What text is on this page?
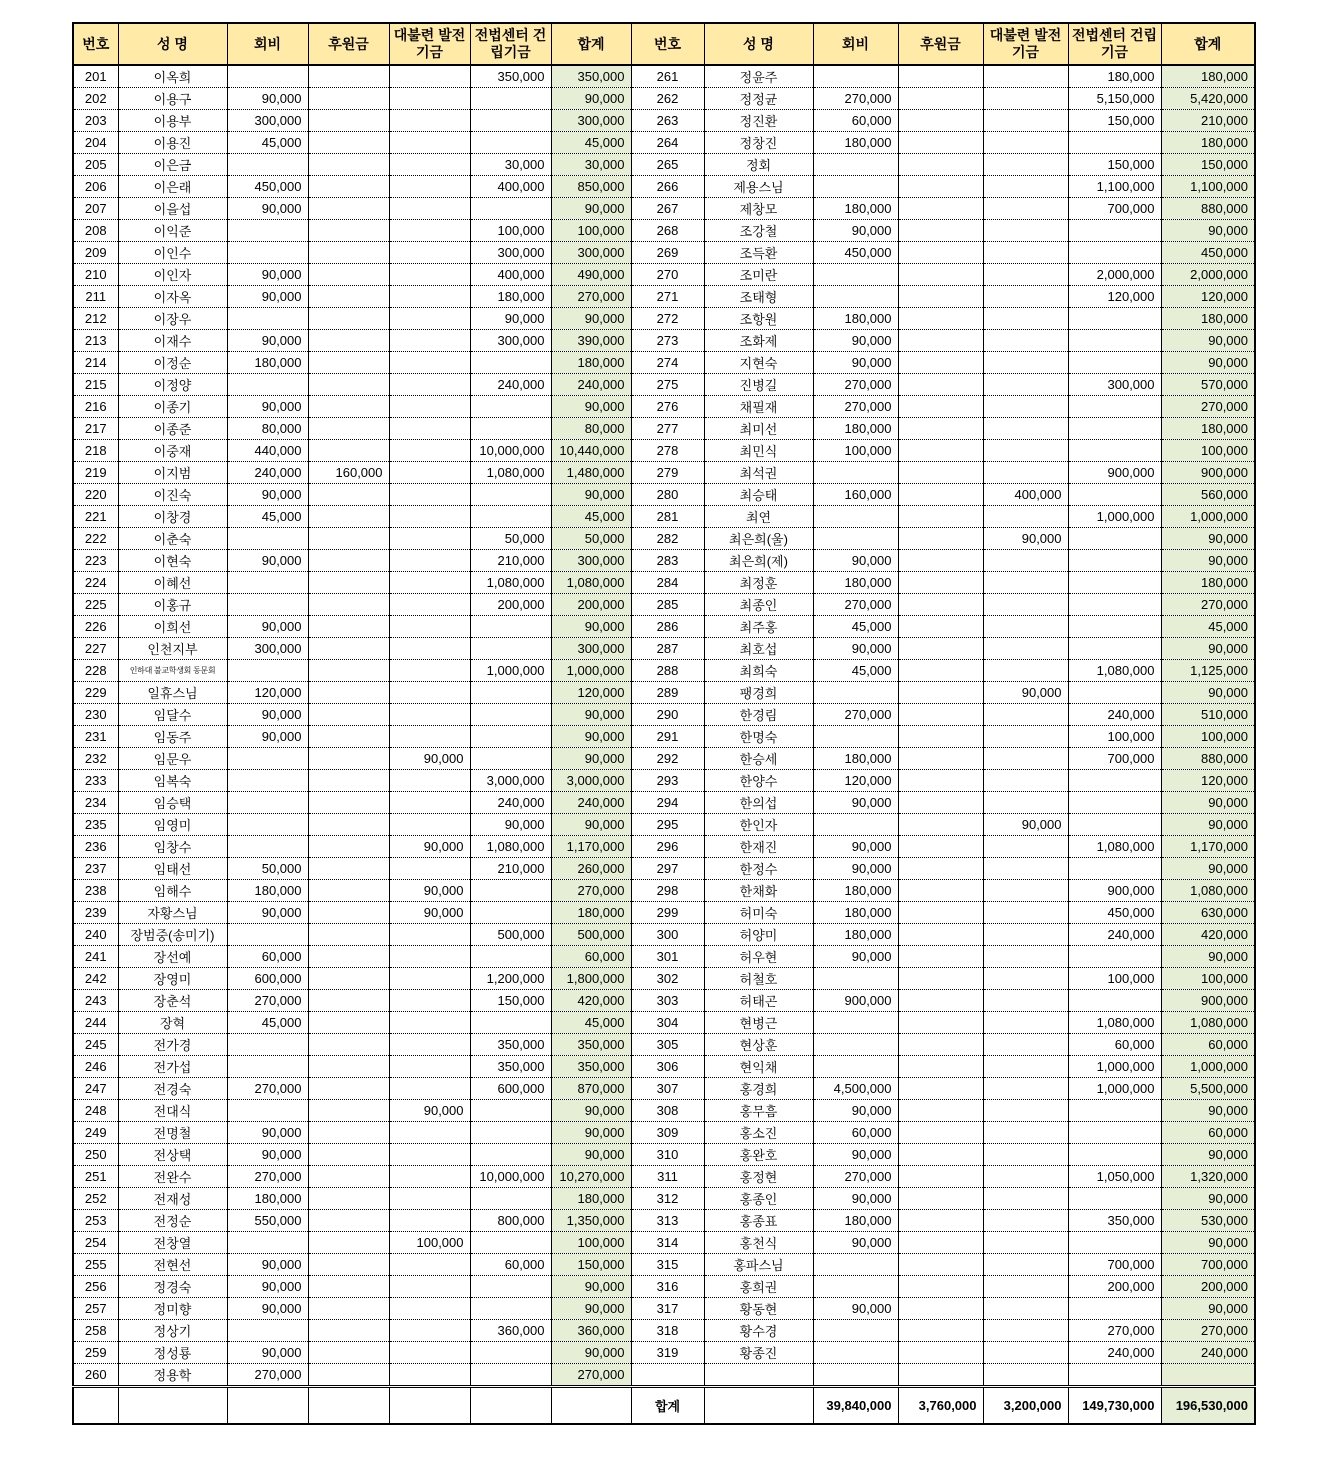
번호	성 명	회비	후원금	대불련 발전기금	전법센터 건립기금	합계	번호	성 명	회비	후원금	대불련 발전기금	전법센터 건립기금	합계
201	이옥희				350,000	350,000	261	정윤주				180,000	180,000
202	이용구	90,000				90,000	262	정정균	270,000			5,150,000	5,420,000
203	이용부	300,000				300,000	263	정진환	60,000			150,000	210,000
204	이용진	45,000				45,000	264	정창진	180,000				180,000
205	이은금				30,000	30,000	265	정회				150,000	150,000
206	이은래	450,000			400,000	850,000	266	제용스님				1,100,000	1,100,000
207	이을섭	90,000				90,000	267	제창모	180,000			700,000	880,000
208	이익준				100,000	100,000	268	조강철	90,000				90,000
209	이인수				300,000	300,000	269	조득환	450,000				450,000
210	이인자	90,000			400,000	490,000	270	조미란				2,000,000	2,000,000
211	이자옥	90,000			180,000	270,000	271	조태형				120,000	120,000
212	이장우				90,000	90,000	272	조항원	180,000				180,000
213	이재수	90,000			300,000	390,000	273	조화제	90,000				90,000
214	이정순	180,000				180,000	274	지현숙	90,000				90,000
215	이정양				240,000	240,000	275	진병길	270,000			300,000	570,000
216	이종기	90,000				90,000	276	채필재	270,000				270,000
217	이종준	80,000				80,000	277	최미선	180,000				180,000
218	이중재	440,000			10,000,000	10,440,000	278	최민식	100,000				100,000
219	이지범	240,000	160,000		1,080,000	1,480,000	279	최석권				900,000	900,000
220	이진숙	90,000				90,000	280	최승태	160,000		400,000		560,000
221	이창경	45,000				45,000	281	최연				1,000,000	1,000,000
222	이춘숙				50,000	50,000	282	최은희(울)			90,000		90,000
223	이현숙	90,000			210,000	300,000	283	최은희(제)	90,000				90,000
224	이혜선				1,080,000	1,080,000	284	최정훈	180,000				180,000
225	이홍규				200,000	200,000	285	최종인	270,000				270,000
226	이희선	90,000				90,000	286	최주홍	45,000				45,000
227	인천지부	300,000				300,000	287	최호섭	90,000				90,000
228	인하대 불교학생회 동문회				1,000,000	1,000,000	288	최희숙	45,000			1,080,000	1,125,000
229	일휴스님	120,000				120,000	289	팽경희			90,000		90,000
230	임달수	90,000				90,000	290	한경림	270,000			240,000	510,000
231	임동주	90,000				90,000	291	한명숙				100,000	100,000
232	임문우			90,000		90,000	292	한승세	180,000			700,000	880,000
233	임복숙				3,000,000	3,000,000	293	한양수	120,000				120,000
234	임승택				240,000	240,000	294	한의섭	90,000				90,000
235	임영미				90,000	90,000	295	한인자			90,000		90,000
236	임창수			90,000	1,080,000	1,170,000	296	한재진	90,000			1,080,000	1,170,000
237	임태선	50,000			210,000	260,000	297	한정수	90,000				90,000
238	임해수	180,000		90,000		270,000	298	한채화	180,000			900,000	1,080,000
239	자황스님	90,000		90,000		180,000	299	허미숙	180,000			450,000	630,000
240	장범중(송미기)				500,000	500,000	300	허양미	180,000			240,000	420,000
241	장선예	60,000				60,000	301	허우현	90,000				90,000
242	장영미	600,000			1,200,000	1,800,000	302	허철호				100,000	100,000
243	장춘석	270,000			150,000	420,000	303	허태곤	900,000				900,000
244	장혁	45,000				45,000	304	현병근				1,080,000	1,080,000
245	전가경				350,000	350,000	305	현상훈				60,000	60,000
246	전가섭				350,000	350,000	306	현익채				1,000,000	1,000,000
247	전경숙	270,000			600,000	870,000	307	홍경희	4,500,000			1,000,000	5,500,000
248	전대식			90,000		90,000	308	홍무흠	90,000				90,000
249	전명철	90,000				90,000	309	홍소진	60,000				60,000
250	전상택	90,000				90,000	310	홍완호	90,000				90,000
251	전완수	270,000			10,000,000	10,270,000	311	홍정현	270,000			1,050,000	1,320,000
252	전재성	180,000				180,000	312	홍종인	90,000				90,000
253	전정순	550,000			800,000	1,350,000	313	홍종표	180,000			350,000	530,000
254	전창열			100,000		100,000	314	홍천식	90,000				90,000
255	전현선	90,000			60,000	150,000	315	홍파스님				700,000	700,000
256	정경숙	90,000				90,000	316	홍희권				200,000	200,000
257	정미향	90,000				90,000	317	황동현	90,000				90,000
258	정상기				360,000	360,000	318	황수경				270,000	270,000
259	정성룡	90,000				90,000	319	황종진				240,000	240,000
260	정용학	270,000				270,000							
							합계		39,840,000	3,760,000	3,200,000	149,730,000	196,530,000
